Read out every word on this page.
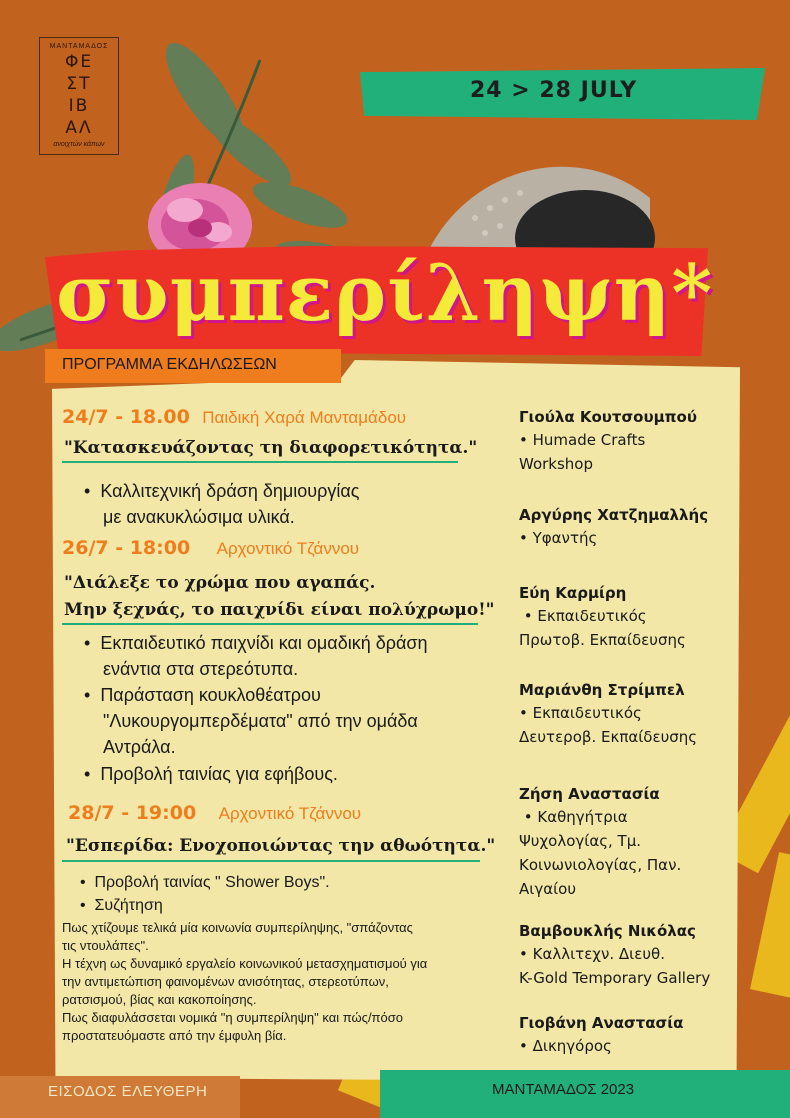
ΜΑΝΤΑΜΑΔΟΣ
ΦΕ
ΣΤ
ΙΒ
ΑΛ
ανοιχτών κάπων
24 > 28 JULY
συμπερίληψη*
ΠΡΟΓΡΑΜΜΑ ΕΚΔΗΛΩΣΕΩΝ
24/7 - 18.00 Παιδική Χαρά Μανταμάδου
"Κατασκευάζοντας τη διαφορετικότητα."
•  Καλλιτεχνική δράση δημιουργίας
με ανακυκλώσιμα υλικά.
26/7 - 18:00 Αρχοντικό Τζάννου
"Διάλεξε το χρώμα που αγαπάς.
Μην ξεχνάς, το παιχνίδι είναι πολύχρωμο!"
•  Εκπαιδευτικό παιχνίδι και ομαδική δράση
ενάντια στα στερεότυπα.
•  Παράσταση κουκλοθέατρου
"Λυκουργομπερδέματα" από την ομάδα
Αντράλα.
•  Προβολή ταινίας για εφήβους.
28/7 - 19:00 Αρχοντικό Τζάννου
"Εσπερίδα: Ενοχοποιώντας την αθωότητα."
•  Προβολή ταινίας " Shower Boys".
•  Συζήτηση
Πως χτίζουμε τελικά μία κοινωνία συμπερίληψης, "σπάζοντας
τις ντουλάπες".
Η τέχνη ως δυναμικό εργαλείο κοινωνικού μετασχηματισμού για
την αντιμετώπιση φαινομένων ανισότητας, στερεοτύπων,
ρατσισμού, βίας και κακοποίησης.
Πως διαφυλάσσεται νομικά "η συμπερίληψη" και πώς/πόσο
προστατευόμαστε από την έμφυλη βία.
Γιούλα Κουτσουμπού
• Humade Crafts
Workshop
Αργύρης Χατζημαλλής
• Υφαντής
Εύη Καρμίρη
• Εκπαιδευτικός
Πρωτοβ. Εκπαίδευσης
Μαριάνθη Στρίμπελ
• Εκπαιδευτικός
Δευτεροβ. Εκπαίδευσης
Ζήση Αναστασία
• Καθηγήτρια
Ψυχολογίας, Τμ.
Κοινωνιολογίας, Παν.
Αιγαίου
Βαμβουκλής Νικόλας
• Καλλιτεχν. Διευθ.
K-Gold Temporary Gallery
Γιοβάνη Αναστασία
• Δικηγόρος
ΕΙΣΟΔΟΣ ΕΛΕΥΘΕΡΗ	ΜΑΝΤΑΜΑΔΟΣ 2023
